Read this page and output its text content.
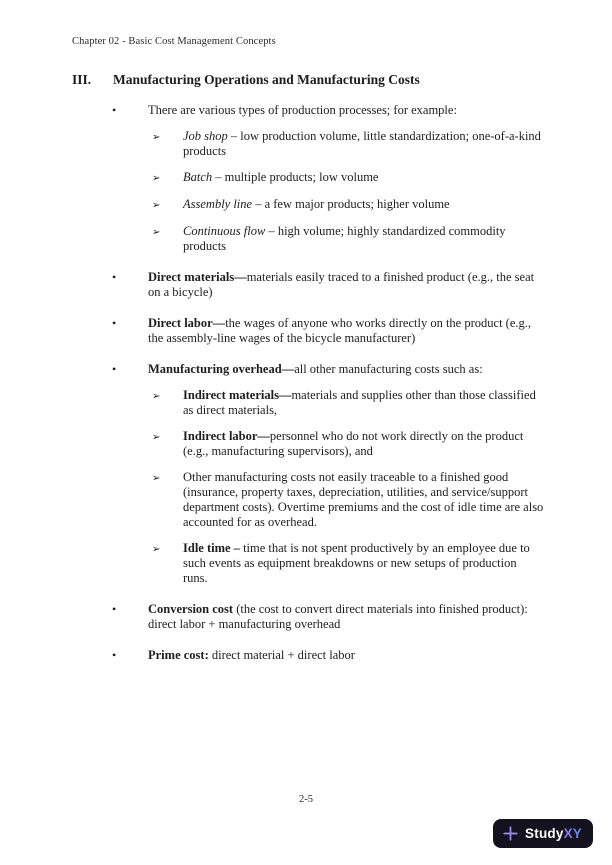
Chapter 02 - Basic Cost Management Concepts
III.	Manufacturing Operations and Manufacturing Costs
•	There are various types of production processes; for example:
➢	Job shop – low production volume, little standardization; one-of-a-kind products
➢	Batch – multiple products; low volume
➢	Assembly line – a few major products; higher volume
➢	Continuous flow – high volume; highly standardized commodity products
•	Direct materials—materials easily traced to a finished product (e.g., the seat on a bicycle)
•	Direct labor—the wages of anyone who works directly on the product (e.g., the assembly-line wages of the bicycle manufacturer)
•	Manufacturing overhead—all other manufacturing costs such as:
➢	Indirect materials—materials and supplies other than those classified as direct materials,
➢	Indirect labor—personnel who do not work directly on the product (e.g., manufacturing supervisors), and
➢	Other manufacturing costs not easily traceable to a finished good (insurance, property taxes, depreciation, utilities, and service/support department costs). Overtime premiums and the cost of idle time are also accounted for as overhead.
➢	Idle time – time that is not spent productively by an employee due to such events as equipment breakdowns or new setups of production runs.
•	Conversion cost (the cost to convert direct materials into finished product): direct labor + manufacturing overhead
•	Prime cost: direct material + direct labor
2-5
Study X Y
